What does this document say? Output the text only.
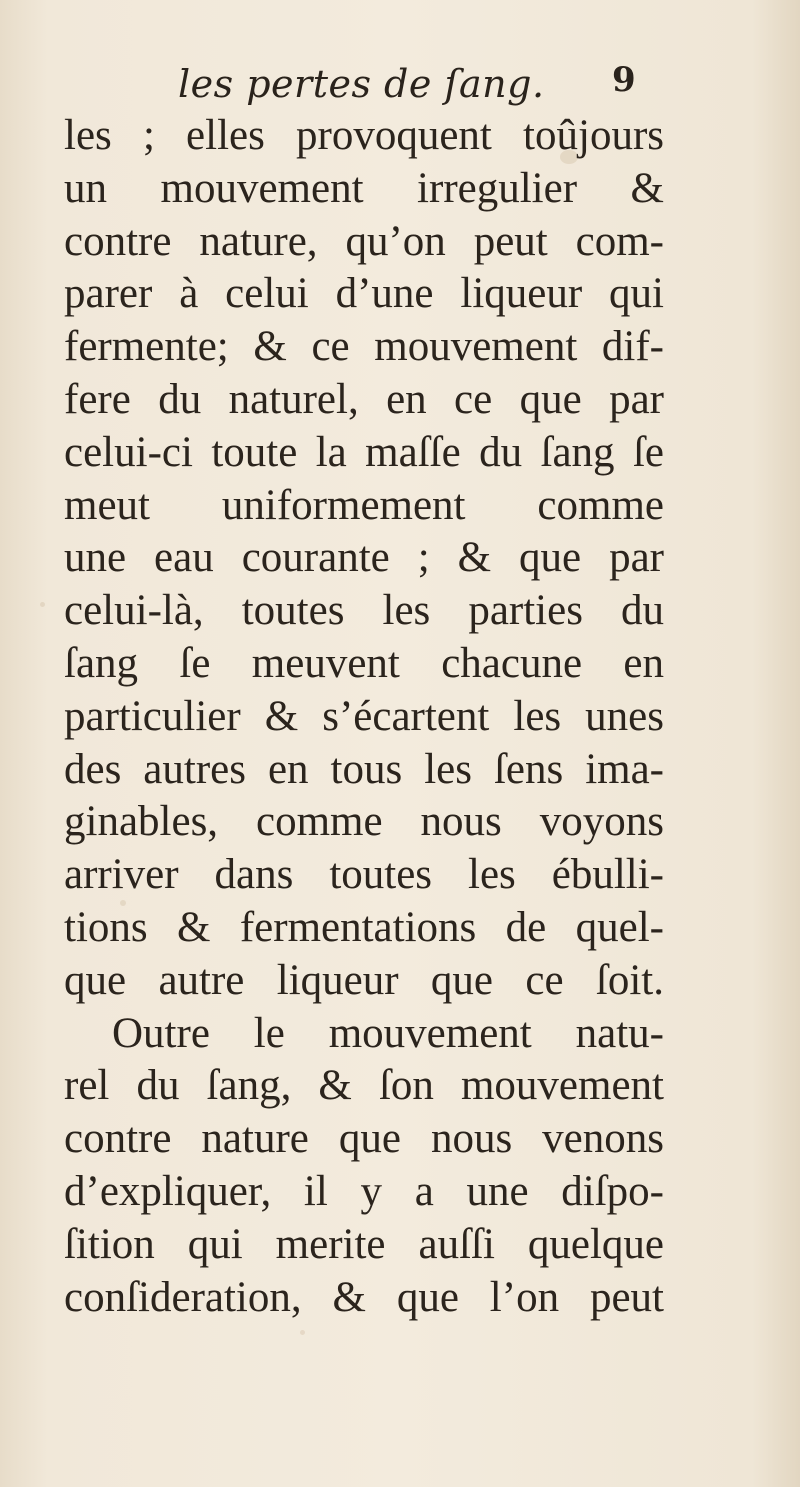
les pertes de ſang. 9
les ; elles provoquent toûjours
un mouvement irregulier &
contre nature, qu’on peut com-
parer à celui d’une liqueur qui
fermente; & ce mouvement dif-
fere du naturel, en ce que par
celui-ci toute la maſſe du ſang ſe
meut uniformement comme
une eau courante ; & que par
celui-là, toutes les parties du
ſang ſe meuvent chacune en
particulier & s’écartent les unes
des autres en tous les ſens ima-
ginables, comme nous voyons
arriver dans toutes les ébulli-
tions & fermentations de quel-
que autre liqueur que ce ſoit.
Outre le mouvement natu-
rel du ſang, & ſon mouvement
contre nature que nous venons
d’expliquer, il y a une diſpo-
ſition qui merite auſſi quelque
conſideration, & que l’on peut
